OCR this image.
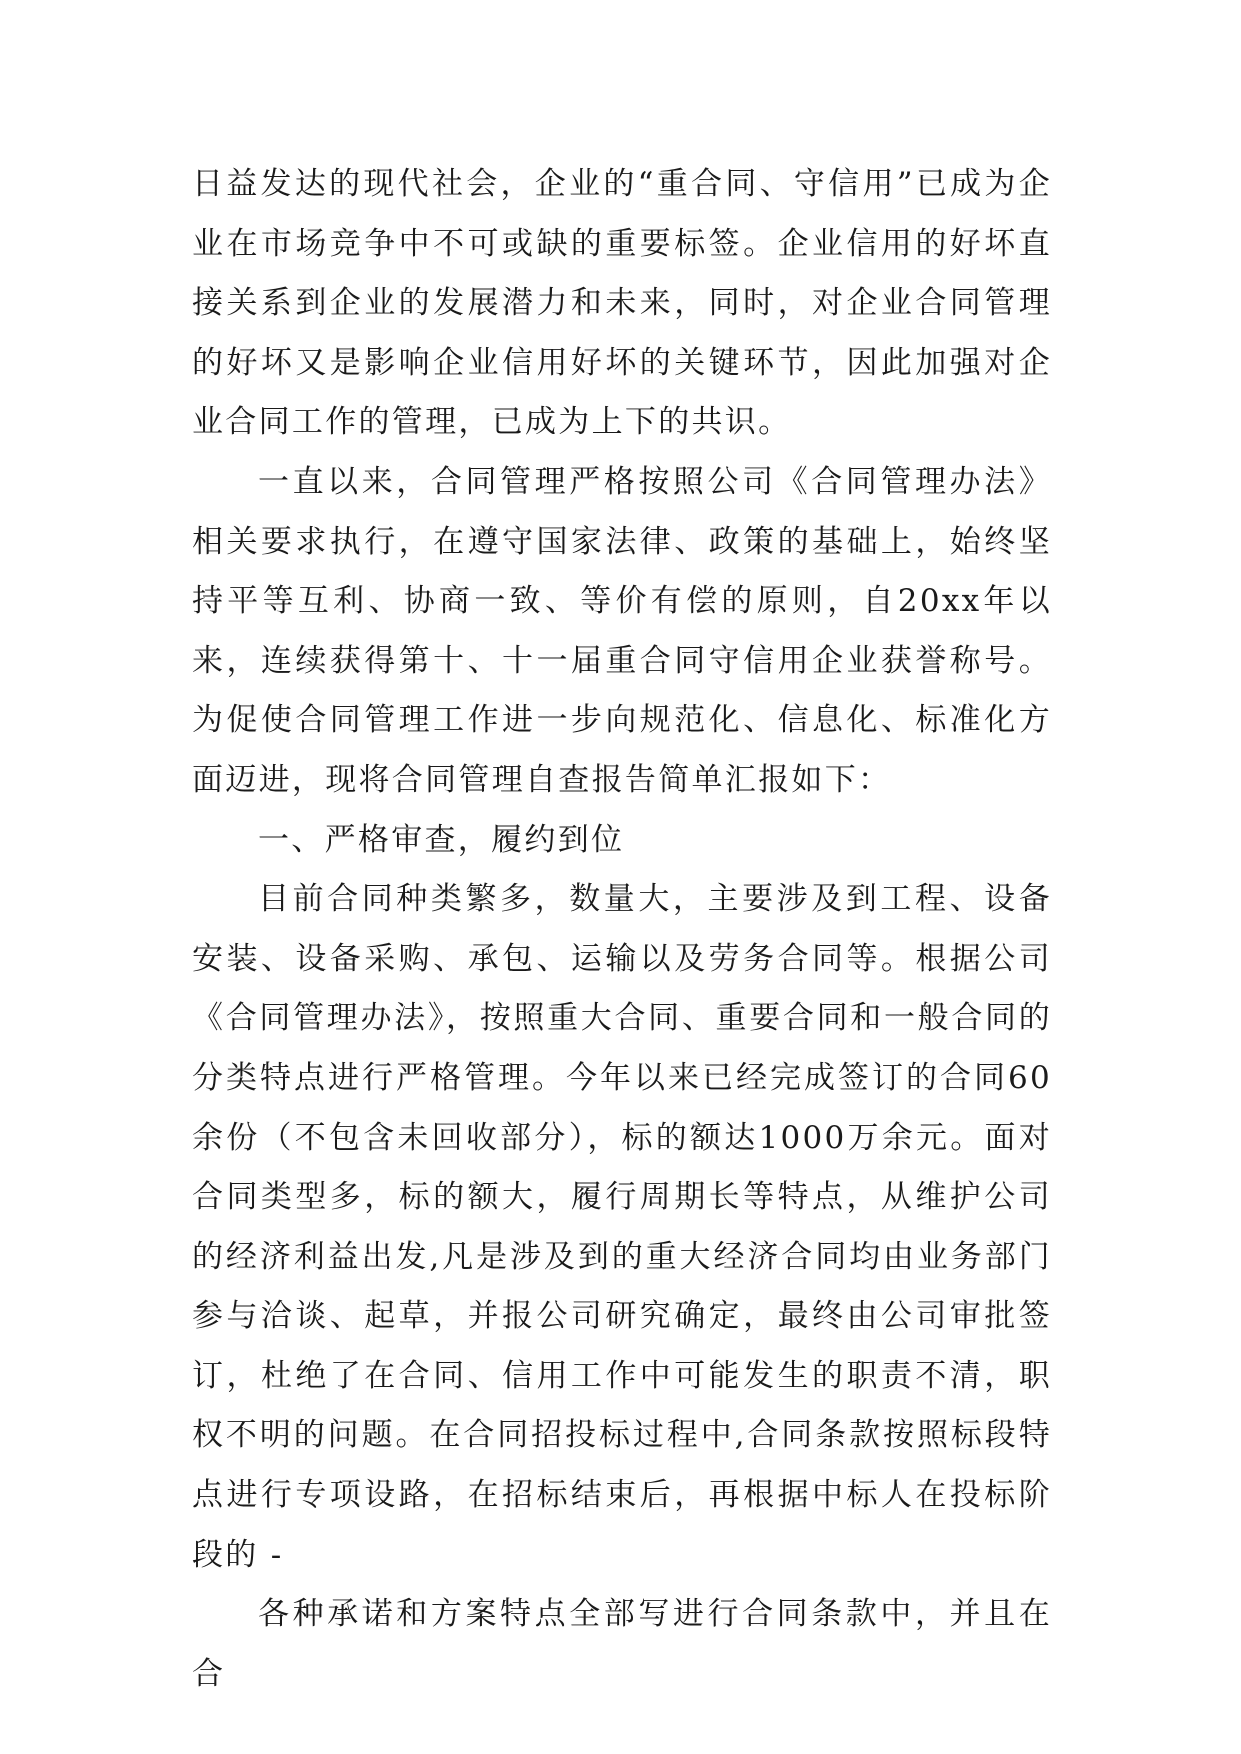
日益发达的现代社会，企业的“重合同、守信用”已成为企业在市场竞争中不可或缺的重要标签。企业信用的好坏直接关系到企业的发展潜力和未来，同时，对企业合同管理的好坏又是影响企业信用好坏的关键环节，因此加强对企业合同工作的管理，已成为上下的共识。

一直以来，合同管理严格按照公司《合同管理办法》相关要求执行，在遵守国家法律、政策的基础上，始终坚持平等互利、协商一致、等价有偿的原则，自20xx年以来，连续获得第十、十一届重合同守信用企业获誉称号。为促使合同管理工作进一步向规范化、信息化、标准化方面迈进，现将合同管理自查报告简单汇报如下：

一、严格审查，履约到位

目前合同种类繁多，数量大，主要涉及到工程、设备安装、设备采购、承包、运输以及劳务合同等。根据公司《合同管理办法》，按照重大合同、重要合同和一般合同的分类特点进行严格管理。今年以来已经完成签订的合同60余份（不包含未回收部分），标的额达1000万余元。面对合同类型多，标的额大，履行周期长等特点，从维护公司的经济利益出发,凡是涉及到的重大经济合同均由业务部门参与洽谈、起草，并报公司研究确定，最终由公司审批签订，杜绝了在合同、信用工作中可能发生的职责不清，职权不明的问题。在合同招投标过程中,合同条款按照标段特点进行专项设路，在招标结束后，再根据中标人在投标阶段的 -

各种承诺和方案特点全部写进行合同条款中，并且在合
